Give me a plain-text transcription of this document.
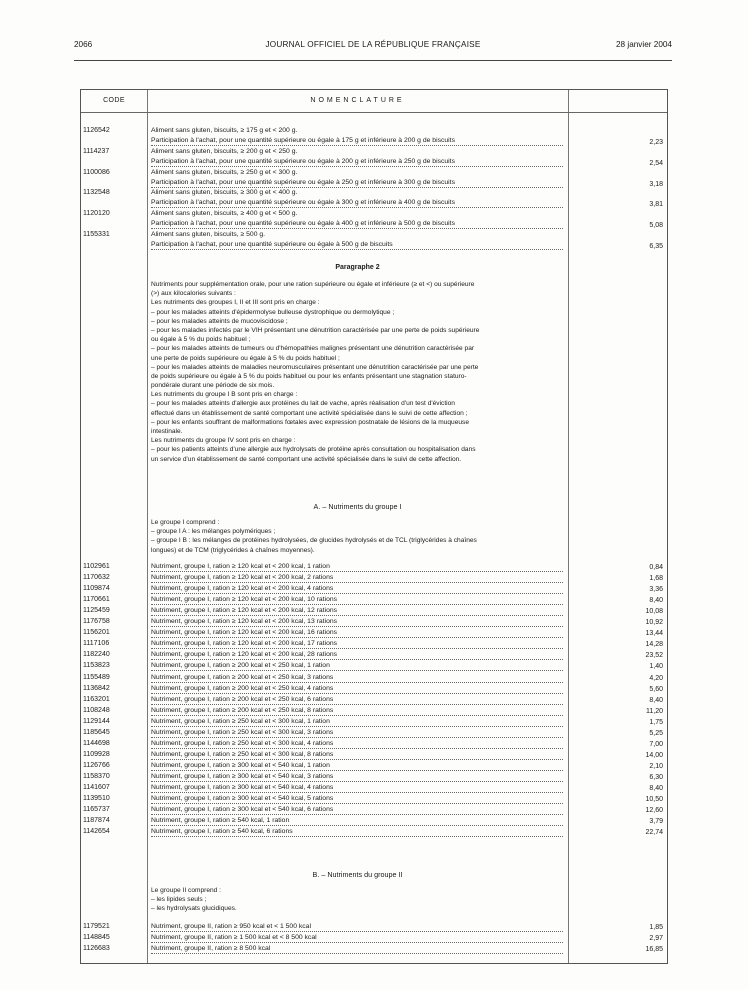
2066	JOURNAL OFFICIEL DE LA RÉPUBLIQUE FRANÇAISE	28 janvier 2004
CODE	NOMENCLATURE
1126542	Aliment sans gluten, biscuits, ≥ 175 g et < 200 g.
Participation à l'achat, pour une quantité supérieure ou égale à 175 g et inférieure à 200 g de biscuits	2,23
1114237	Aliment sans gluten, biscuits, ≥ 200 g et < 250 g.
Participation à l'achat, pour une quantité supérieure ou égale à 200 g et inférieure à 250 g de biscuits	2,54
1100086	Aliment sans gluten, biscuits, ≥ 250 g et < 300 g.
Participation à l'achat, pour une quantité supérieure ou égale à 250 g et inférieure à 300 g de biscuits	3,18
1132548	Aliment sans gluten, biscuits, ≥ 300 g et < 400 g.
Participation à l'achat, pour une quantité supérieure ou égale à 300 g et inférieure à 400 g de biscuits	3,81
1120120	Aliment sans gluten, biscuits, ≥ 400 g et < 500 g.
Participation à l'achat, pour une quantité supérieure ou égale à 400 g et inférieure à 500 g de biscuits	5,08
1155331	Aliment sans gluten, biscuits, ≥ 500 g.
Participation à l'achat, pour une quantité supérieure ou égale à 500 g de biscuits	6,35
Paragraphe 2
Nutriments pour supplémentation orale, pour une ration supérieure ou égale et inférieure (≥ et <) ou supérieure
(>) aux kilocalories suivants :
Les nutriments des groupes I, II et III sont pris en charge :
– pour les malades atteints d'épidermolyse bulleuse dystrophique ou dermolytique ;
– pour les malades atteints de mucoviscidose ;
– pour les malades infectés par le VIH présentant une dénutrition caractérisée par une perte de poids supérieure
ou égale à 5 % du poids habituel ;
– pour les malades atteints de tumeurs ou d'hémopathies malignes présentant une dénutrition caractérisée par
une perte de poids supérieure ou égale à 5 % du poids habituel ;
– pour les malades atteints de maladies neuromusculaires présentant une dénutrition caractérisée par une perte
de poids supérieure ou égale à 5 % du poids habituel ou pour les enfants présentant une stagnation staturo-
pondérale durant une période de six mois.
Les nutriments du groupe I B sont pris en charge :
– pour les malades atteints d'allergie aux protéines du lait de vache, après réalisation d'un test d'éviction
effectué dans un établissement de santé comportant une activité spécialisée dans le suivi de cette affection ;
– pour les enfants souffrant de malformations fœtales avec expression postnatale de lésions de la muqueuse
intestinale.
Les nutriments du groupe IV sont pris en charge :
– pour les patients atteints d'une allergie aux hydrolysats de protéine après consultation ou hospitalisation dans
un service d'un établissement de santé comportant une activité spécialisée dans le suivi de cette affection.
A. – Nutriments du groupe I
Le groupe I comprend :
– groupe I A : les mélanges polymériques ;
– groupe I B : les mélanges de protéines hydrolysées, de glucides hydrolysés et de TCL (triglycérides à chaînes
longues) et de TCM (triglycérides à chaînes moyennes).
1102961	Nutriment, groupe I, ration ≥ 120 kcal et < 200 kcal, 1 ration	0,84
1170632	Nutriment, groupe I, ration ≥ 120 kcal et < 200 kcal, 2 rations	1,68
1109874	Nutriment, groupe I, ration ≥ 120 kcal et < 200 kcal, 4 rations	3,36
1170661	Nutriment, groupe I, ration ≥ 120 kcal et < 200 kcal, 10 rations	8,40
1125459	Nutriment, groupe I, ration ≥ 120 kcal et < 200 kcal, 12 rations	10,08
1176758	Nutriment, groupe I, ration ≥ 120 kcal et < 200 kcal, 13 rations	10,92
1156201	Nutriment, groupe I, ration ≥ 120 kcal et < 200 kcal, 16 rations	13,44
1117106	Nutriment, groupe I, ration ≥ 120 kcal et < 200 kcal, 17 rations	14,28
1182240	Nutriment, groupe I, ration ≥ 120 kcal et < 200 kcal, 28 rations	23,52
1153823	Nutriment, groupe I, ration ≥ 200 kcal et < 250 kcal, 1 ration	1,40
1155489	Nutriment, groupe I, ration ≥ 200 kcal et < 250 kcal, 3 rations	4,20
1136842	Nutriment, groupe I, ration ≥ 200 kcal et < 250 kcal, 4 rations	5,60
1163201	Nutriment, groupe I, ration ≥ 200 kcal et < 250 kcal, 6 rations	8,40
1108248	Nutriment, groupe I, ration ≥ 200 kcal et < 250 kcal, 8 rations	11,20
1129144	Nutriment, groupe I, ration ≥ 250 kcal et < 300 kcal, 1 ration	1,75
1185645	Nutriment, groupe I, ration ≥ 250 kcal et < 300 kcal, 3 rations	5,25
1144698	Nutriment, groupe I, ration ≥ 250 kcal et < 300 kcal, 4 rations	7,00
1109928	Nutriment, groupe I, ration ≥ 250 kcal et < 300 kcal, 8 rations	14,00
1126766	Nutriment, groupe I, ration ≥ 300 kcal et < 540 kcal, 1 ration	2,10
1158370	Nutriment, groupe I, ration ≥ 300 kcal et < 540 kcal, 3 rations	6,30
1141607	Nutriment, groupe I, ration ≥ 300 kcal et < 540 kcal, 4 rations	8,40
1139510	Nutriment, groupe I, ration ≥ 300 kcal et < 540 kcal, 5 rations	10,50
1165737	Nutriment, groupe I, ration ≥ 300 kcal et < 540 kcal, 6 rations	12,60
1187874	Nutriment, groupe I, ration ≥ 540 kcal, 1 ration	3,79
1142654	Nutriment, groupe I, ration ≥ 540 kcal, 6 rations	22,74
B. – Nutriments du groupe II
Le groupe II comprend :
– les lipides seuls ;
– les hydrolysats glucidiques.
1179521	Nutriment, groupe II, ration ≥ 950 kcal et < 1 500 kcal	1,85
1148845	Nutriment, groupe II, ration ≥ 1 500 kcal et < 8 500 kcal	2,97
1126683	Nutriment, groupe II, ration ≥ 8 500 kcal	16,85
